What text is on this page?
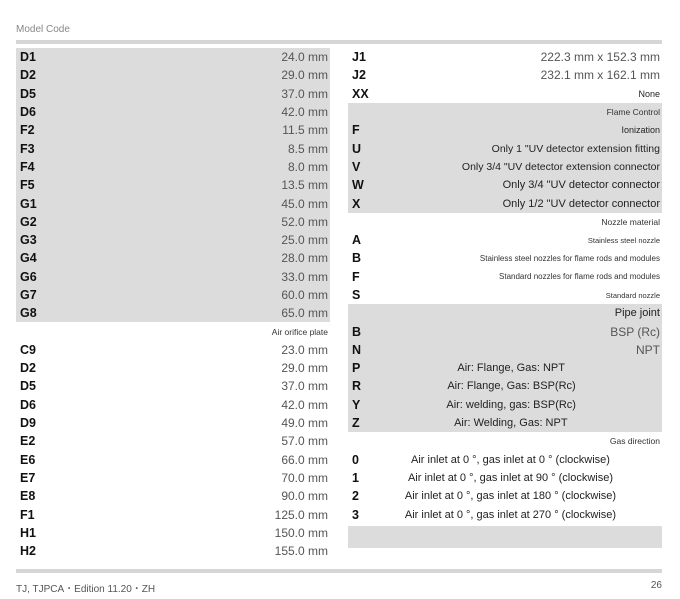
Model Code
D1	24.0 mm
D2	29.0 mm
D5	37.0 mm
D6	42.0 mm
F2	11.5 mm
F3	8.5 mm
F4	8.0 mm
F5	13.5 mm
G1	45.0 mm
G2	52.0 mm
G3	25.0 mm
G4	28.0 mm
G6	33.0 mm
G7	60.0 mm
G8	65.0 mm
Air orifice plate
C9	23.0 mm
D2	29.0 mm
D5	37.0 mm
D6	42.0 mm
D9	49.0 mm
E2	57.0 mm
E6	66.0 mm
E7	70.0 mm
E8	90.0 mm
F1	125.0 mm
H1	150.0 mm
H2	155.0 mm
J1	222.3 mm x 152.3 mm
J2	232.1 mm x 162.1 mm
XX	None
Flame Control
F	Ionization
U	Only 1 "UV detector extension fitting
V	Only 3/4 "UV detector extension connector
W	Only 3/4 "UV detector connector
X	Only 1/2 "UV detector connector
Nozzle material
A	Stainless steel nozzle
B	Stainless steel nozzles for flame rods and modules
F	Standard nozzles for flame rods and modules
S	Standard nozzle
Pipe joint
B	BSP (Rc)
N	NPT
P	Air: Flange, Gas: NPT
R	Air: Flange, Gas: BSP(Rc)
Y	Air: welding, gas: BSP(Rc)
Z	Air: Welding, Gas: NPT
Gas direction
0	Air inlet at 0 °, gas inlet at 0 ° (clockwise)
1	Air inlet at 0 °, gas inlet at 90 ° (clockwise)
2	Air inlet at 0 °, gas inlet at 180 ° (clockwise)
3	Air inlet at 0 °, gas inlet at 270 ° (clockwise)
TJ, TJPCA・Edition 11.20・ZH	26
